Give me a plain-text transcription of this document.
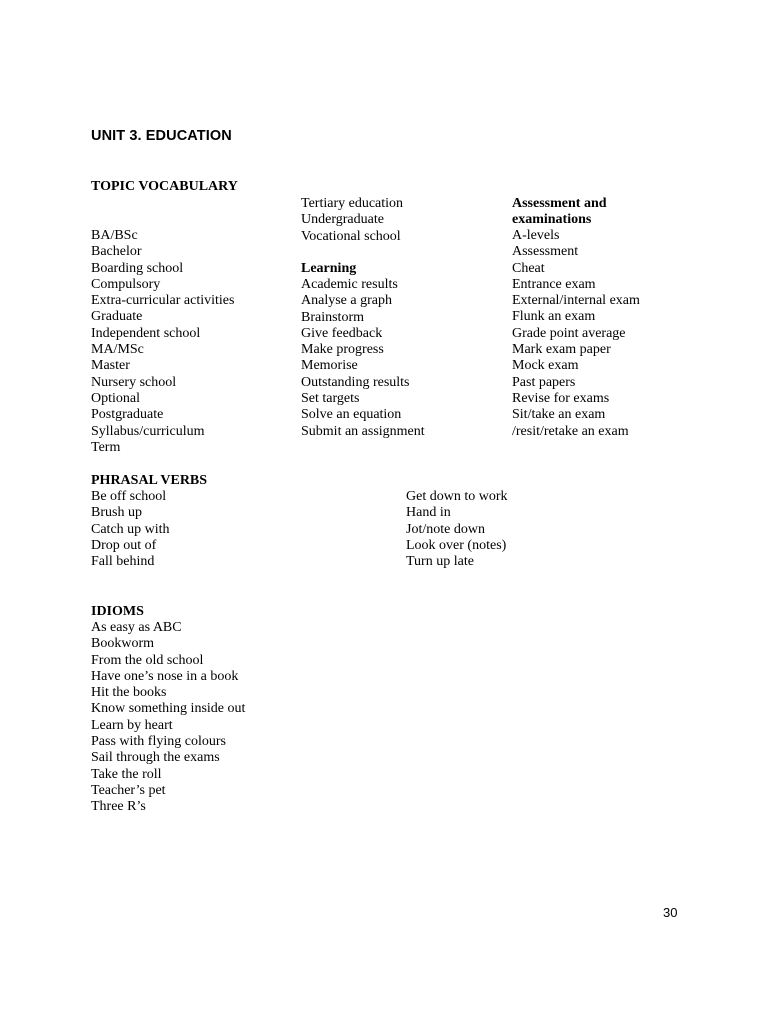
UNIT 3. EDUCATION
TOPIC VOCABULARY
BA/BSc
Bachelor
Boarding school
Compulsory
Extra-curricular activities
Graduate
Independent school
MA/MSc
Master
Nursery school
Optional
Postgraduate
Syllabus/curriculum
Term
Tertiary education
Undergraduate
Vocational school
Learning
Academic results
Analyse a graph
Brainstorm
Give feedback
Make progress
Memorise
Outstanding results
Set targets
Solve an equation
Submit an assignment
Assessment and
examinations
A-levels
Assessment
Cheat
Entrance exam
External/internal exam
Flunk an exam
Grade point average
Mark exam paper
Mock exam
Past papers
Revise for exams
Sit/take an exam
/resit/retake an exam
PHRASAL VERBS
Be off school
Brush up
Catch up with
Drop out of
Fall behind
Get down to work
Hand in
Jot/note down
Look over (notes)
Turn up late
IDIOMS
As easy as ABC
Bookworm
From the old school
Have one’s nose in a book
Hit the books
Know something inside out
Learn by heart
Pass with flying colours
Sail through the exams
Take the roll
Teacher’s pet
Three R’s
30
